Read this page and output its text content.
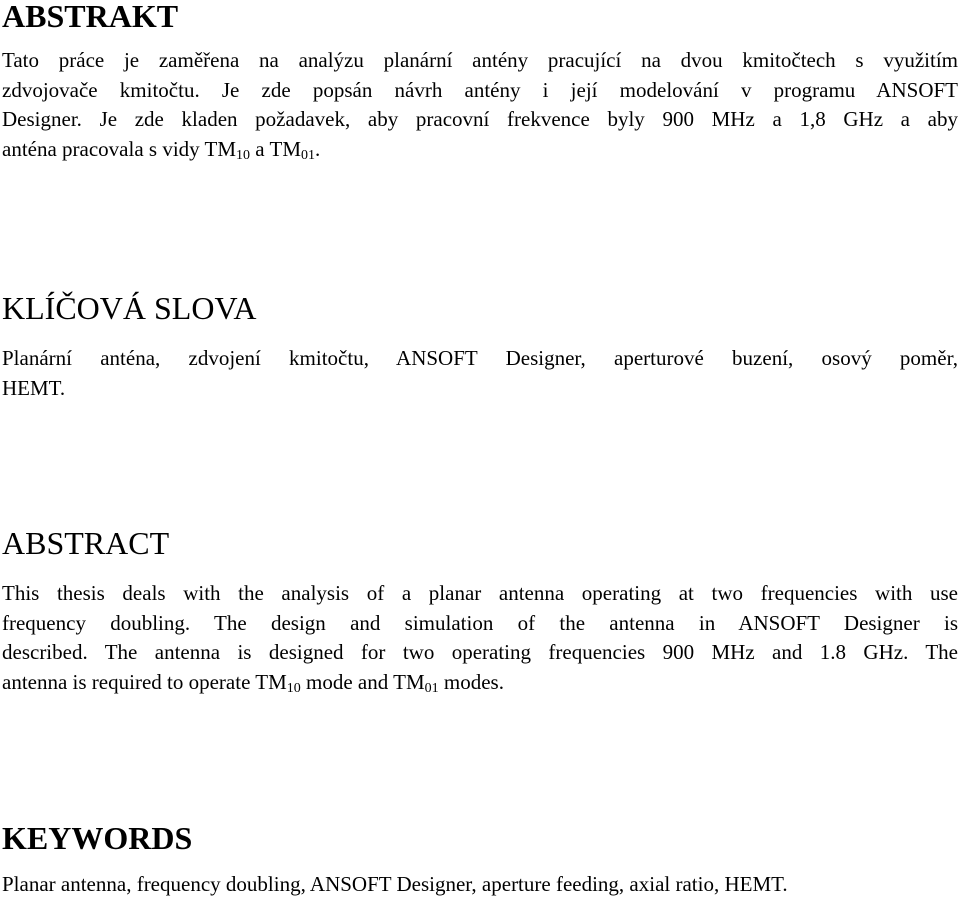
ABSTRAKT

Tato práce je zaměřena na analýzu planární antény pracující na dvou kmitočtech s využitím
zdvojovače kmitočtu. Je zde popsán návrh antény i její modelování v programu ANSOFT
Designer. Je zde kladen požadavek, aby pracovní frekvence byly 900 MHz a 1,8 GHz a aby
anténa pracovala s vidy $TM_{10}$ a $TM_{01}$.

KLÍČOVÁ SLOVA

Planární anténa, zdvojení kmitočtu, ANSOFT Designer, aperturové buzení, osový poměr,
HEMT.

ABSTRACT

This thesis deals with the analysis of a planar antenna operating at two frequencies with use
frequency doubling. The design and simulation of the antenna in ANSOFT Designer is
described. The antenna is designed for two operating frequencies 900 MHz and 1.8 GHz. The
antenna is required to operate $TM_{10}$ mode and $TM_{01}$ modes.

KEYWORDS

Planar antenna, frequency doubling, ANSOFT Designer, aperture feeding, axial ratio, HEMT.
